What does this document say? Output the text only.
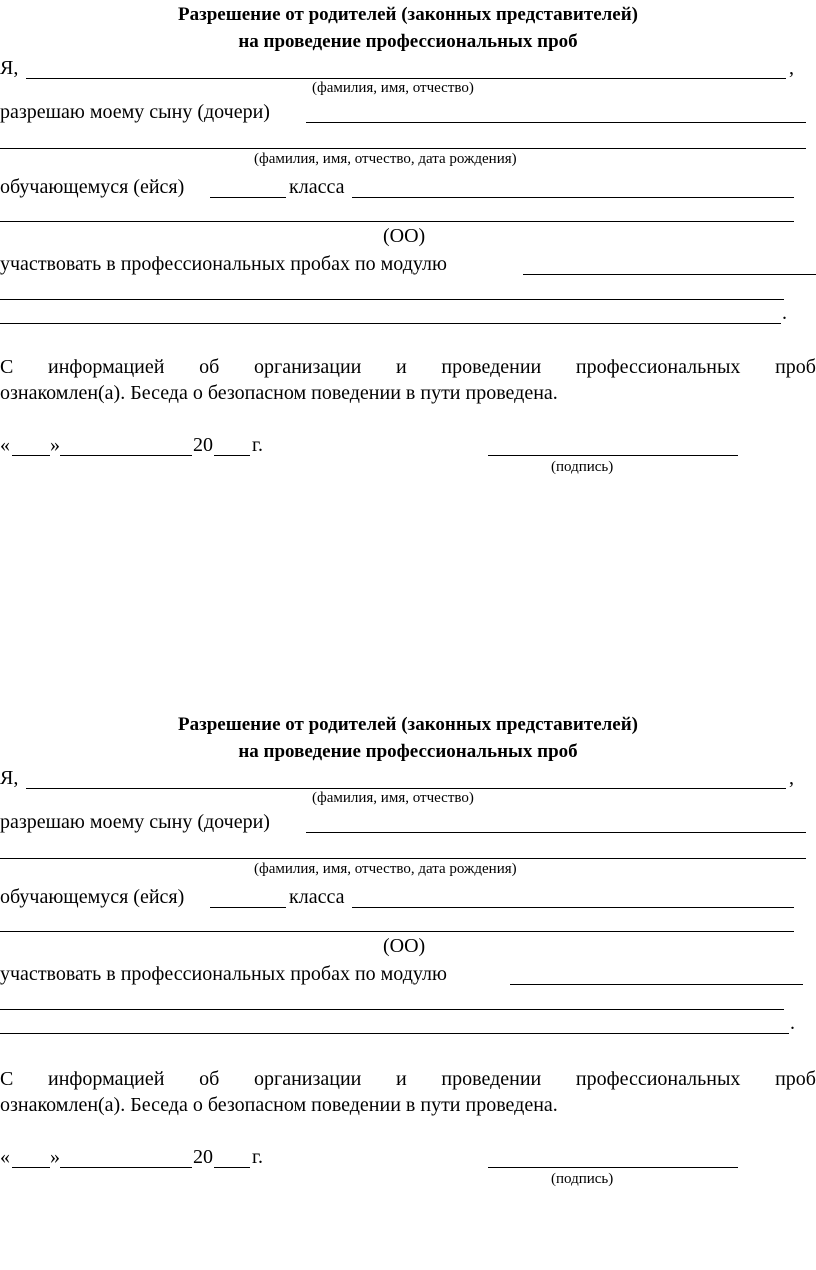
Разрешение от родителей (законных представителей)
на проведение профессиональных проб
Я,	,
(фамилия, имя, отчество)
разрешаю моему сыну (дочери)
(фамилия, имя, отчество, дата рождения)
обучающемуся (ейся)	класса
(ОО)
участвовать в профессиональных пробах по модулю
.
С информацией об организации и проведении профессиональных проб
ознакомлен(а). Беседа о безопасном поведении в пути проведена.
« »	20 г.
(подпись)
Разрешение от родителей (законных представителей)
на проведение профессиональных проб
Я,	,
(фамилия, имя, отчество)
разрешаю моему сыну (дочери)
(фамилия, имя, отчество, дата рождения)
обучающемуся (ейся)	класса
(ОО)
участвовать в профессиональных пробах по модулю
.
С информацией об организации и проведении профессиональных проб
ознакомлен(а). Беседа о безопасном поведении в пути проведена.
« »	20 г.
(подпись)
